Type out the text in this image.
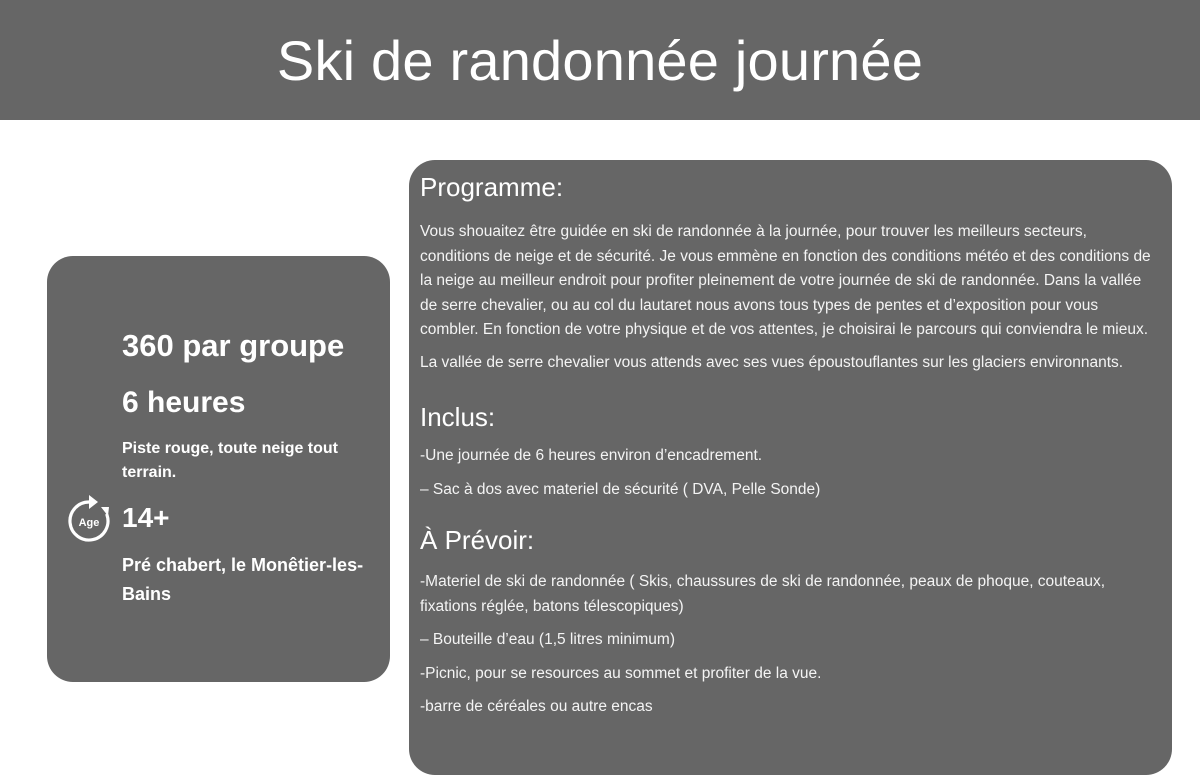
Ski de randonnée journée
360 par groupe
6 heures
Piste rouge, toute neige tout terrain.
Age 14+
Pré chabert, le Monêtier-les-Bains
Programme:

Vous shouaitez être guidée en ski de randonnée à la journée, pour trouver les meilleurs secteurs, conditions de neige et de sécurité. Je vous emmène en fonction des conditions météo et des conditions de la neige au meilleur endroit pour profiter pleinement de votre journée de ski de randonnée. Dans la vallée de serre chevalier, ou au col du lautaret nous avons tous types de pentes et d’exposition pour vous combler. En fonction de votre physique et de vos attentes, je choisirai le parcours qui conviendra le mieux.

La vallée de serre chevalier vous attends avec ses vues époustouflantes sur les glaciers environnants.

Inclus:

-Une journée de 6 heures environ d’encadrement.

– Sac à dos avec materiel de sécurité ( DVA, Pelle Sonde)

À Prévoir:

-Materiel de ski de randonnée ( Skis, chaussures de ski de randonnée, peaux de phoque, couteaux, fixations réglée, batons télescopiques)

– Bouteille d’eau (1,5 litres minimum)

-Picnic, pour se resources au sommet et profiter de la vue.

-barre de céréales ou autre encas
